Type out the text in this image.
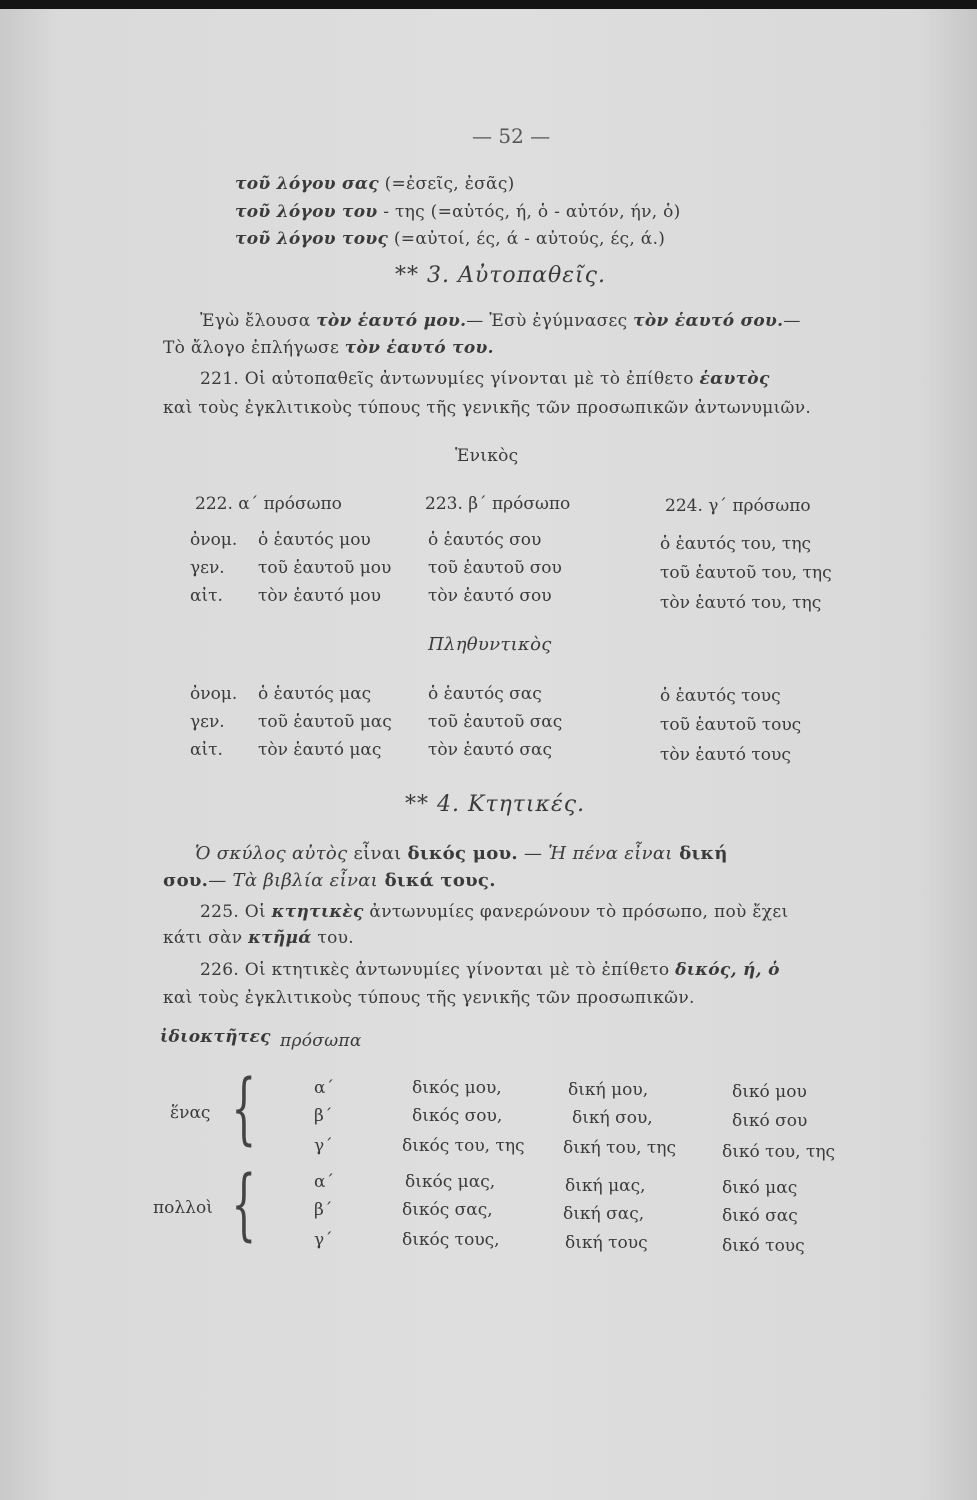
— 52 —
τοῦ λόγου σας (=ἐσεῖς, ἐσᾶς)
τοῦ λόγου του - της (=αὐτός, ή, ὁ - αὐτόν, ήν, ὁ)
τοῦ λόγου τους (=αὐτοί, ές, ά - αὐτούς, ές, ά.)
** 3. Αὐτοπαθεῖς.
Ἐγὼ ἔλουσα τὸν ἑαυτό μου.— Ἐσὺ ἐγύμνασες τὸν ἑαυτό σου.—
Τὸ ἄλογο ἐπλήγωσε τὸν ἑαυτό του.
221. Οἱ αὐτοπαθεῖς ἀντωνυμίες γίνονται μὲ τὸ ἐπίθετο ἑαυτὸς
καὶ τοὺς ἐγκλιτικοὺς τύπους τῆς γενικῆς τῶν προσωπικῶν ἀντωνυμιῶν.
Ἑνικὸς
222. α΄ πρόσωπο	223. β΄ πρόσωπο	224. γ΄ πρόσωπο
ὀνομ.
γεν.
αἰτ.
ὁ ἑαυτός μου
τοῦ ἑαυτοῦ μου
τὸν ἑαυτό μου
ὁ ἑαυτός σου
τοῦ ἑαυτοῦ σου
τὸν ἑαυτό σου
ὁ ἑαυτός του, της
τοῦ ἑαυτοῦ του, της
τὸν ἑαυτό του, της
Πληθυντικὸς
ὀνομ.
γεν.
αἰτ.
ὁ ἑαυτός μας
τοῦ ἑαυτοῦ μας
τὸν ἑαυτό μας
ὁ ἑαυτός σας
τοῦ ἑαυτοῦ σας
τὸν ἑαυτό σας
ὁ ἑαυτός τους
τοῦ ἑαυτοῦ τους
τὸν ἑαυτό τους
** 4. Κτητικές.
Ὁ σκύλος αὐτὸς εἶναι δικός μου. — Ἡ πένα εἶναι δική
σου.— Τὰ βιβλία εἶναι δικά τους.
225. Οἱ κτητικὲς ἀντωνυμίες φανερώνουν τὸ πρόσωπο, ποὺ ἔχει
κάτι σὰν κτῆμά του.
226. Οἱ κτητικὲς ἀντωνυμίες γίνονται μὲ τὸ ἐπίθετο δικός, ή, ὁ
καὶ τοὺς ἐγκλιτικοὺς τύπους τῆς γενικῆς τῶν προσωπικῶν.
ἰδιοκτῆτες πρόσωπα
ἕνας {
πολλοὶ {
α΄
β΄
γ΄
α΄
β΄
γ΄
δικός μου,
δικός σου,
δικός του, της
δικός μας,
δικός σας,
δικός τους,
δική μου,
δική σου,
δική του, της
δική μας,
δική σας,
δική τους
δικό μου
δικό σου
δικό του, της
δικό μας
δικό σας
δικό τους
